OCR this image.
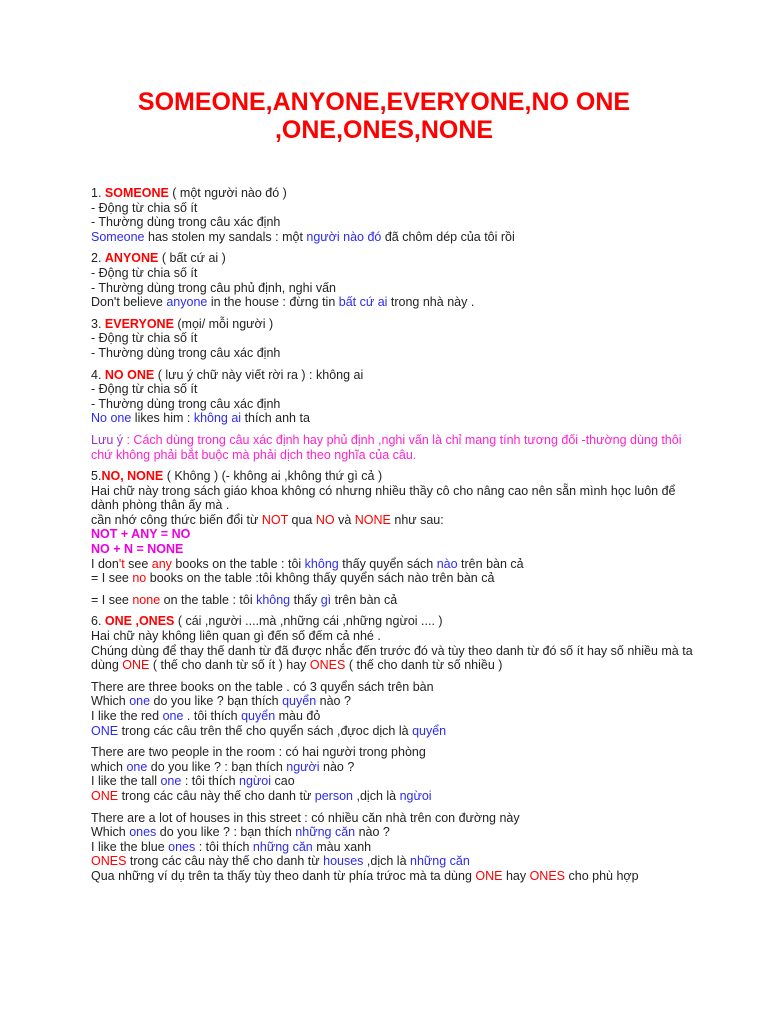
SOMEONE,ANYONE,EVERYONE,NO ONE
,ONE,ONES,NONE
1. SOMEONE ( một người nào đó )
- Động từ chia số ít
- Thường dùng trong câu xác định
Someone has stolen my sandals : một người nào đó đã chôm dép của tôi rồi
2. ANYONE ( bất cứ ai )
- Động từ chia số ít
- Thường dùng trong câu phủ định, nghi vấn
Don't believe anyone in the house : đừng tin bất cứ ai trong nhà này .
3. EVERYONE (mọi/ mỗi người )
- Động từ chia số ít
- Thường dùng trong câu xác định
4. NO ONE ( lưu ý chữ này viết rời ra ) : không ai
- Động từ chia số ít
- Thường dùng trong câu xác định
No one likes him : không ai thích anh ta
Lưu ý : Cách dùng trong câu xác định hay phủ định ,nghi vấn là chỉ mang tính tương đối -thường dùng thôi
chứ không phải bắt buộc mà phải dịch theo nghĩa của câu.
5.NO, NONE ( Không ) (- không ai ,không thứ gì cả )
Hai chữ này trong sách giáo khoa không có nhưng nhiều thầy cô cho nâng cao nên sẵn mình học luôn để
dành phòng thân ấy mà .
cần nhớ công thức biến đổi từ NOT qua NO và NONE như sau:
NOT + ANY = NO
NO + N = NONE
I don't see any books on the table : tôi không thấy quyển sách nào trên bàn cả
= I see no books on the table :tôi không thấy quyển sách nào trên bàn cả
= I see none on the table : tôi không thấy gì trên bàn cả
6. ONE ,ONES ( cái ,người ....mà ,những cái ,những ngừoi .... )
Hai chữ này không liên quan gì đến số đếm cả nhé .
Chúng dùng để thay thế danh từ đã được nhắc đến trước đó và tùy theo danh từ đó số ít hay số nhiều mà ta
dùng ONE ( thế cho danh từ số ít ) hay ONES ( thế cho danh từ số nhiều )
There are three books on the table . có 3 quyển sách trên bàn
Which one do you like ? bạn thích quyển nào ?
I like the red one . tôi thích quyển màu đỏ
ONE trong các câu trên thế cho quyển sách ,đựoc dịch là quyển
There are two people in the room : có hai người trong phòng
which one do you like ? : bạn thích người nào ?
I like the tall one : tôi thích ngừoi cao
ONE trong các câu này thế cho danh từ person ,dịch là ngừoi
There are a lot of houses in this street : có nhiều căn nhà trên con đường này
Which ones do you like ? : bạn thích những căn nào ?
I like the blue ones : tôi thích những căn màu xanh
ONES trong các câu này thế cho danh từ houses ,dịch là những căn
Qua những ví dụ trên ta thấy tùy theo danh từ phía trứoc mà ta dùng ONE hay ONES cho phù hợp
